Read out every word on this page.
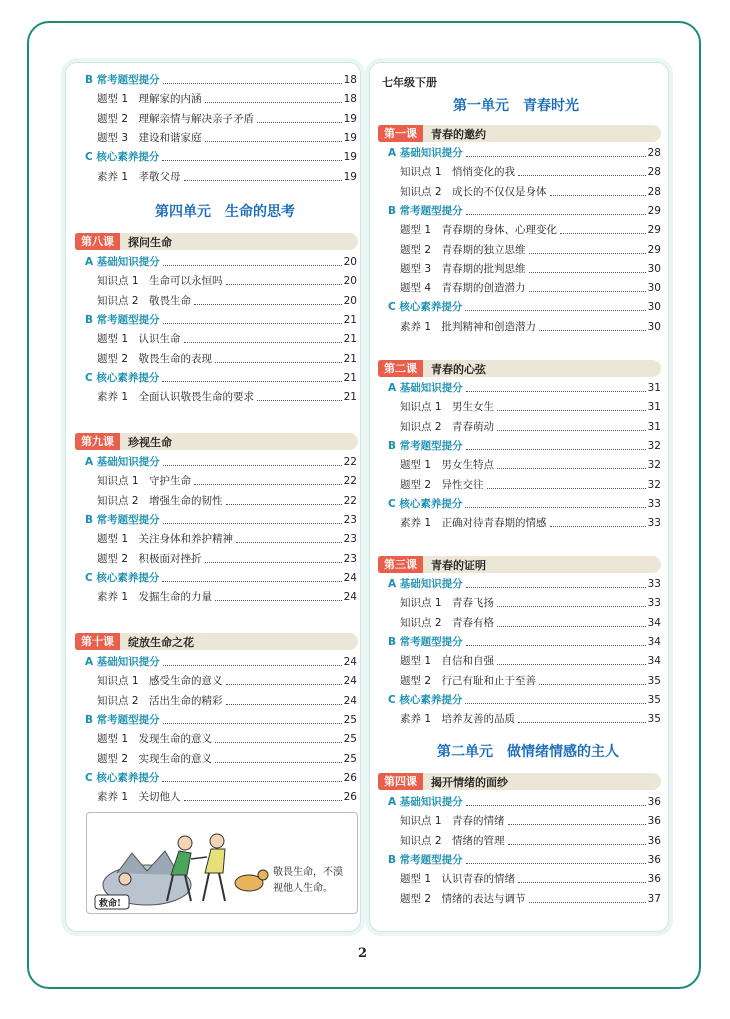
B 常考题型提分	18
题型 1　理解家的内涵	18
题型 2　理解亲情与解决亲子矛盾	19
题型 3　建设和谐家庭	19
C 核心素养提分	19
素养 1　孝敬父母	19
第四单元 生命的思考
第八课	探问生命
A 基础知识提分	20
知识点 1　生命可以永恒吗	20
知识点 2　敬畏生命	20
B 常考题型提分	21
题型 1　认识生命	21
题型 2　敬畏生命的表现	21
C 核心素养提分	21
素养 1　全面认识敬畏生命的要求	21
第九课	珍视生命
A 基础知识提分	22
知识点 1　守护生命	22
知识点 2　增强生命的韧性	22
B 常考题型提分	23
题型 1　关注身体和养护精神	23
题型 2　积极面对挫折	23
C 核心素养提分	24
素养 1　发掘生命的力量	24
第十课	绽放生命之花
A 基础知识提分	24
知识点 1　感受生命的意义	24
知识点 2　活出生命的精彩	24
B 常考题型提分	25
题型 1　发现生命的意义	25
题型 2　实现生命的意义	25
C 核心素养提分	26
素养 1　关切他人	26
救命!
敬畏生命，不漠
视他人生命。
七年级下册
第一单元 青春时光
第一课	青春的邀约
A 基础知识提分	28
知识点 1　悄悄变化的我	28
知识点 2　成长的不仅仅是身体	28
B 常考题型提分	29
题型 1　青春期的身体、心理变化	29
题型 2　青春期的独立思维	29
题型 3　青春期的批判思维	30
题型 4　青春期的创造潜力	30
C 核心素养提分	30
素养 1　批判精神和创造潜力	30
第二课	青春的心弦
A 基础知识提分	31
知识点 1　男生女生	31
知识点 2　青春萌动	31
B 常考题型提分	32
题型 1　男女生特点	32
题型 2　异性交往	32
C 核心素养提分	33
素养 1　正确对待青春期的情感	33
第三课	青春的证明
A 基础知识提分	33
知识点 1　青春飞扬	33
知识点 2　青春有格	34
B 常考题型提分	34
题型 1　自信和自强	34
题型 2　行己有耻和止于至善	35
C 核心素养提分	35
素养 1　培养友善的品质	35
第二单元 做情绪情感的主人
第四课	揭开情绪的面纱
A 基础知识提分	36
知识点 1　青春的情绪	36
知识点 2　情绪的管理	36
B 常考题型提分	36
题型 1　认识青春的情绪	36
题型 2　情绪的表达与调节	37
2
